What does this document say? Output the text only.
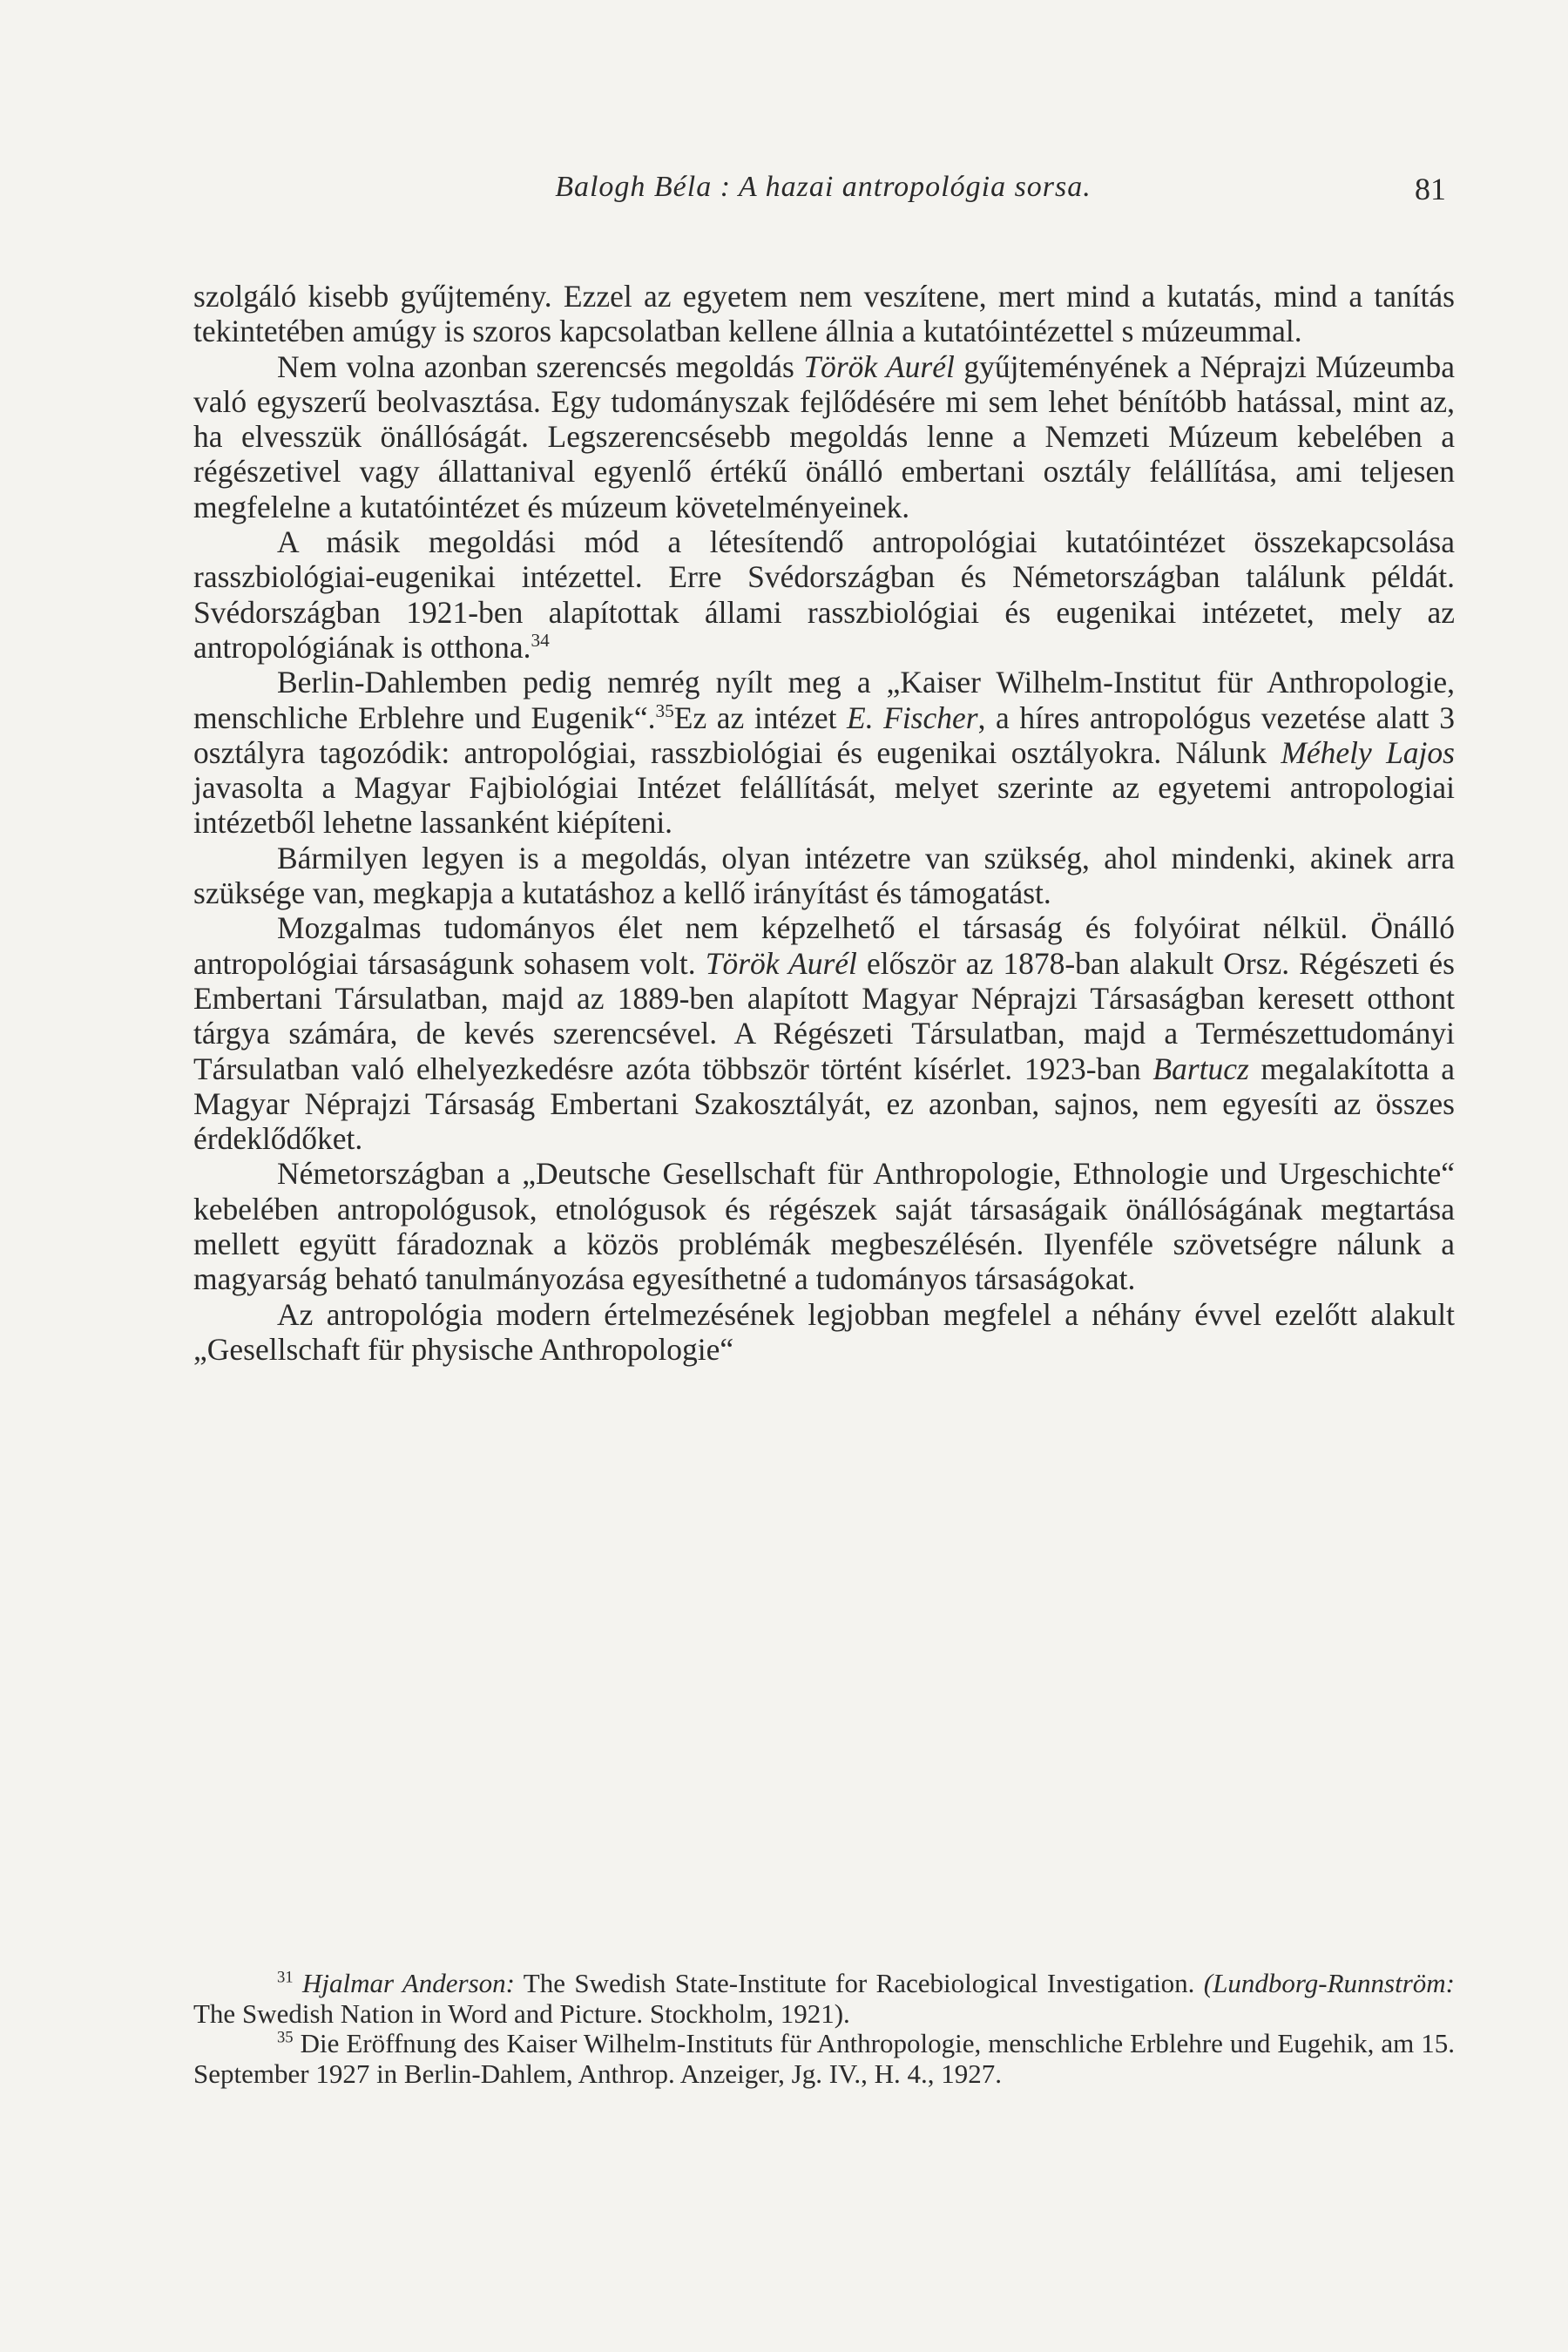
Balogh Béla : A hazai antropológia sorsa.	81

szolgáló kisebb gyűjtemény. Ezzel az egyetem nem veszítene, mert mind a kutatás, mind a tanítás tekintetében amúgy is szoros kapcsolatban kellene állnia a kutatóintézettel s múzeummal.

Nem volna azonban szerencsés megoldás Török Aurél gyűjteményének a Néprajzi Múzeumba való egyszerű beolvasztása. Egy tudományszak fejlődésére mi sem lehet bénítóbb hatással, mint az, ha elvesszük önállóságát. Legszerencsésebb megoldás lenne a Nemzeti Múzeum kebelében a régészetivel vagy állattanival egyenlő értékű önálló embertani osztály felállítása, ami teljesen megfelelne a kutatóintézet és múzeum követelményeinek.

A másik megoldási mód a létesítendő antropológiai kutatóintézet összekapcsolása rasszbiológiai-eugenikai intézettel. Erre Svédországban és Németországban találunk példát. Svédországban 1921-ben alapítottak állami rasszbiológiai és eugenikai intézetet, mely az antropológiának is otthona.$^{34}$

Berlin-Dahlemben pedig nemrég nyílt meg a „Kaiser Wilhelm-Institut für Anthropologie, menschliche Erblehre und Eugenik“.$^{35}$Ez az intézet E. Fischer, a híres antropológus vezetése alatt 3 osztályra tagozódik: antropológiai, rasszbiológiai és eugenikai osztályokra. Nálunk Méhely Lajos javasolta a Magyar Fajbiológiai Intézet felállítását, melyet szerinte az egyetemi antropologiai intézetből lehetne lassanként kiépíteni.

Bármilyen legyen is a megoldás, olyan intézetre van szükség, ahol mindenki, akinek arra szüksége van, megkapja a kutatáshoz a kellő irányítást és támogatást.

Mozgalmas tudományos élet nem képzelhető el társaság és folyóirat nélkül. Önálló antropológiai társaságunk sohasem volt. Török Aurél először az 1878-ban alakult Orsz. Régészeti és Embertani Társulatban, majd az 1889-ben alapított Magyar Néprajzi Társaságban keresett otthont tárgya számára, de kevés szerencsével. A Régészeti Társulatban, majd a Természettudományi Társulatban való elhelyezkedésre azóta többször történt kísérlet. 1923-ban Bartucz megalakította a Magyar Néprajzi Társaság Embertani Szakosztályát, ez azonban, sajnos, nem egyesíti az összes érdeklődőket.

Németországban a „Deutsche Gesellschaft für Anthropologie, Ethnologie und Urgeschichte“ kebelében antropológusok, etnológusok és régészek saját társaságaik önállóságának megtartása mellett együtt fáradoznak a közös problémák megbeszélésén. Ilyenféle szövetségre nálunk a magyarság beható tanulmányozása egyesíthetné a tudományos társaságokat.

Az antropológia modern értelmezésének legjobban megfelel a néhány évvel ezelőtt alakult „Gesellschaft für physische Anthropologie“

$^{31}$ Hjalmar Anderson: The Swedish State-Institute for Racebiological Investigation. (Lundborg-Runnström: The Swedish Nation in Word and Picture. Stockholm, 1921).

$^{35}$ Die Eröffnung des Kaiser Wilhelm-Instituts für Anthropologie, menschliche Erblehre und Eugehik, am 15. September 1927 in Berlin-Dahlem, Anthrop. Anzeiger, Jg. IV., H. 4., 1927.
